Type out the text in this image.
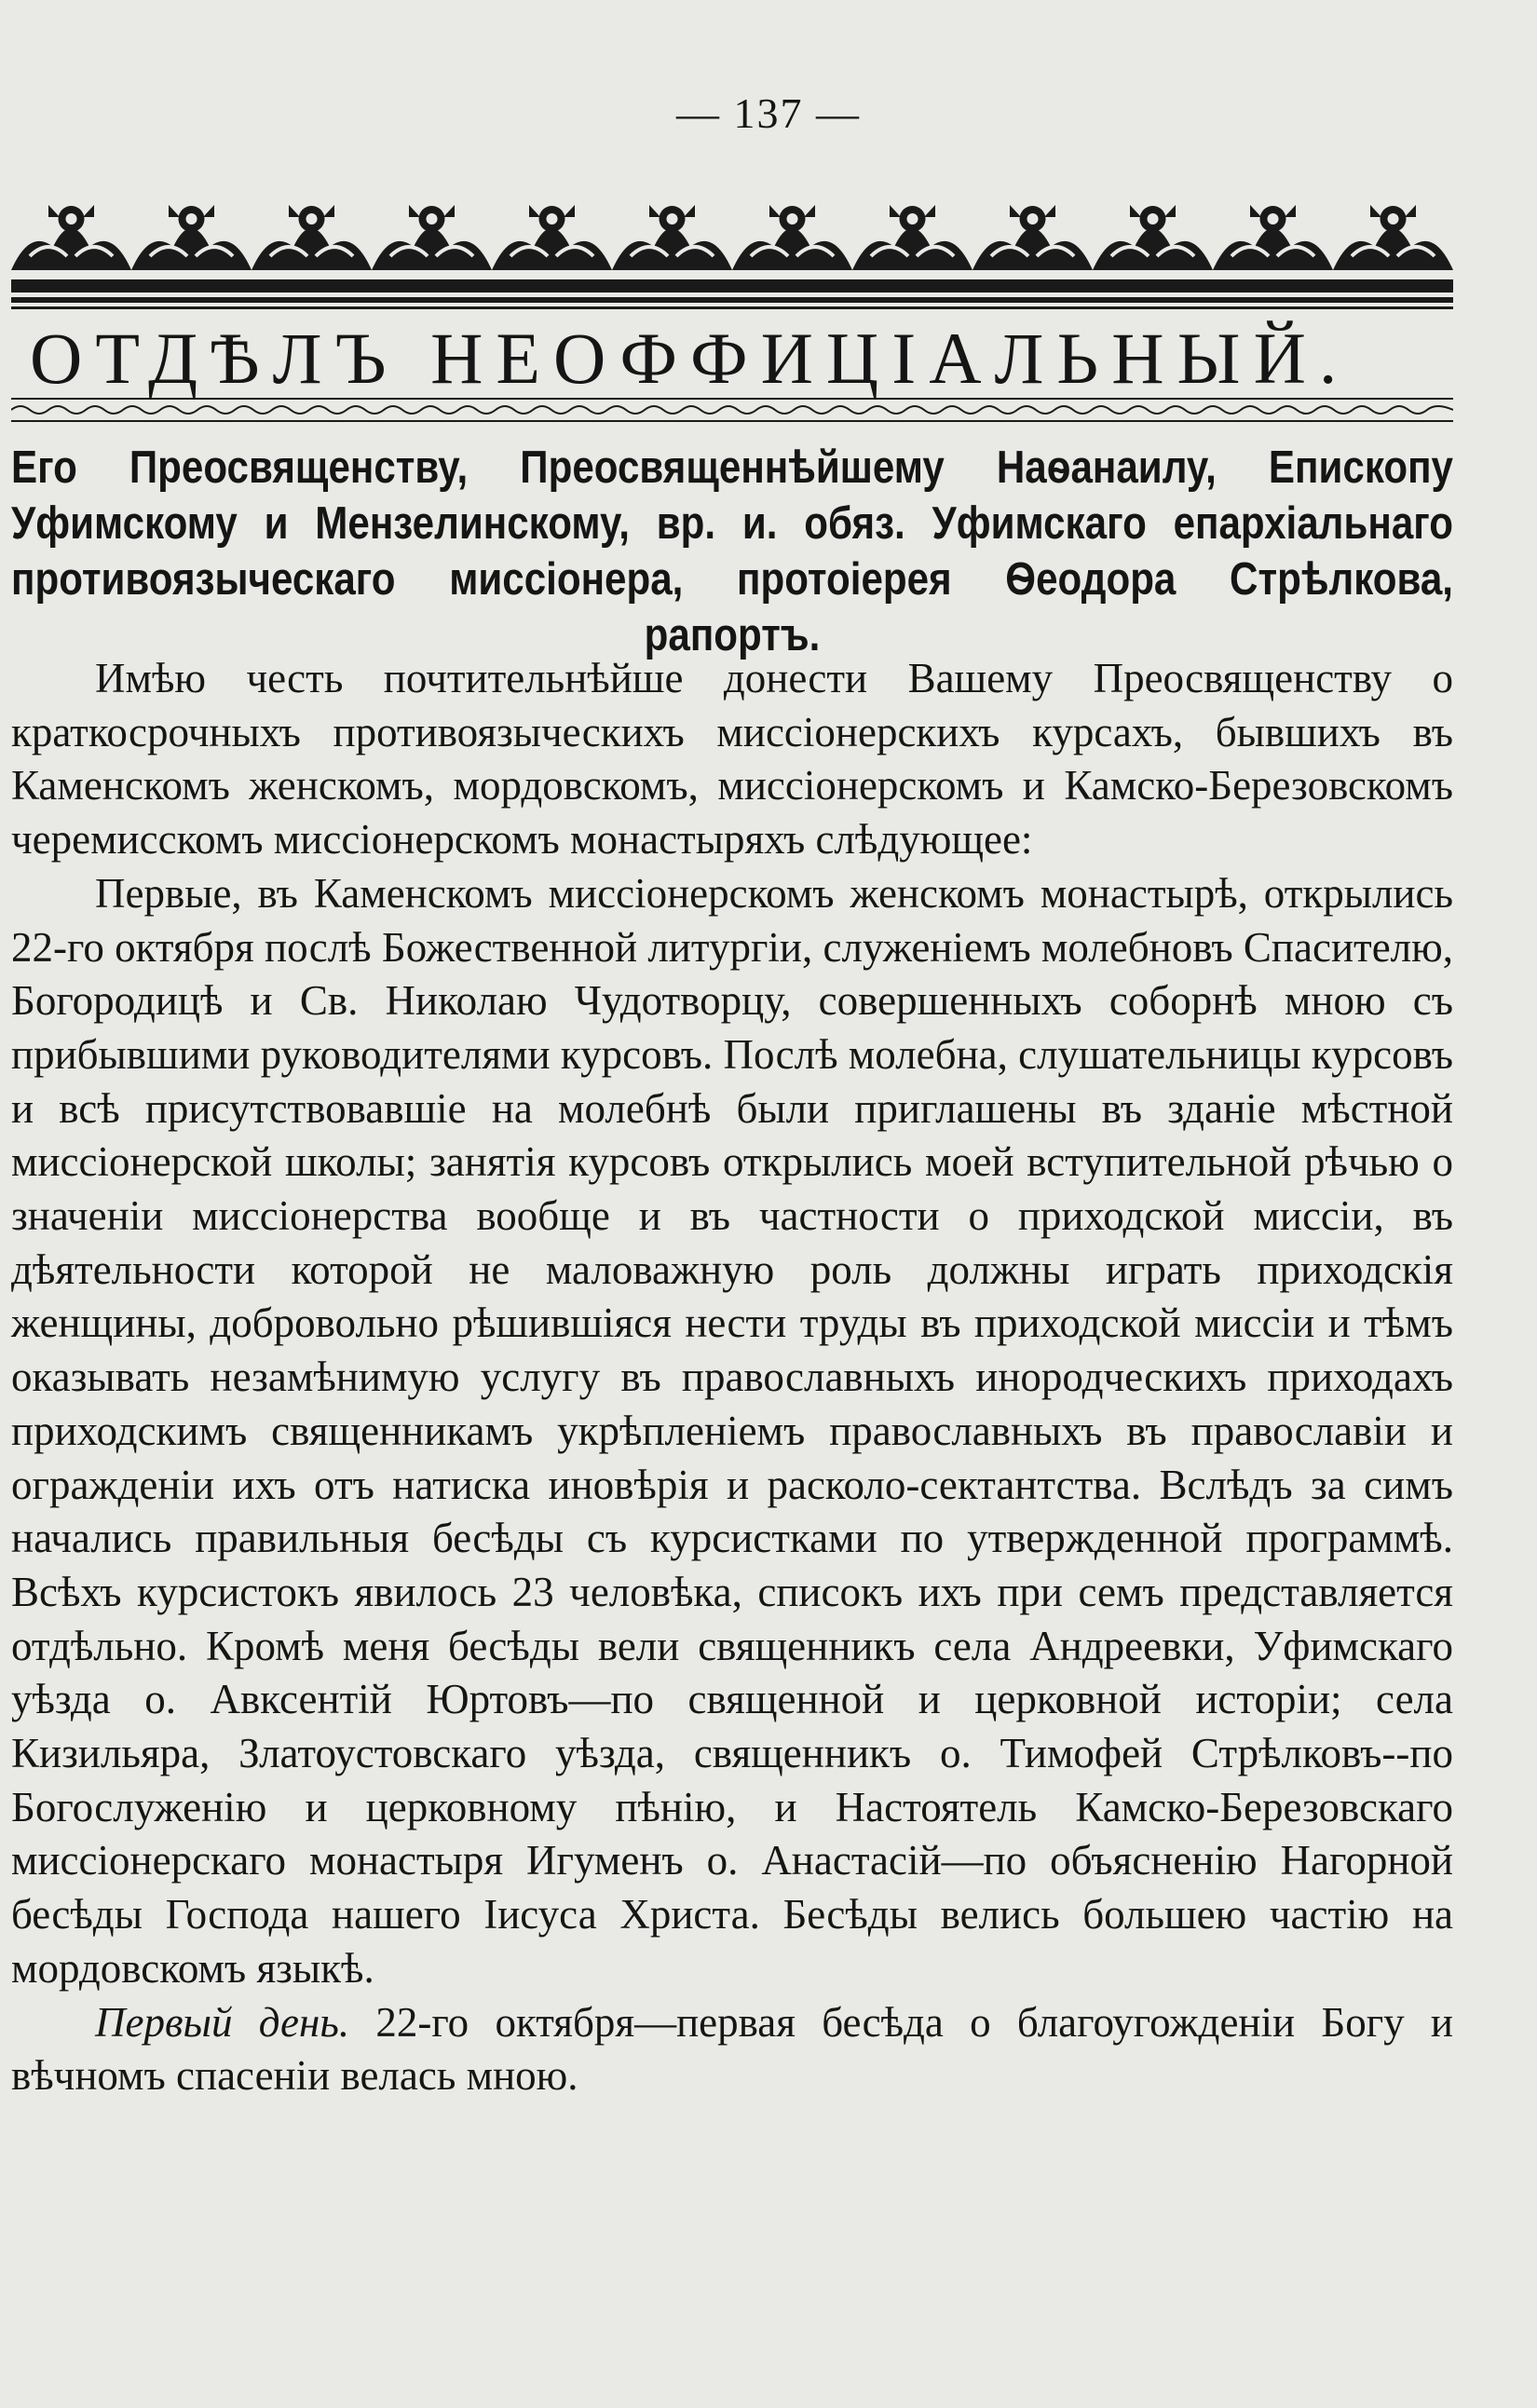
— 137 —
ОТДѢЛЪ НЕОФФИЦІАЛЬНЫЙ.
Его Преосвященству, Преосвященнѣйшему Наѳанаилу, Епископу Уфимскому и Мензелинскому, вр. и. обяз. Уфимскаго епархіальнаго противоязыческаго миссіонера, протоіерея Ѳеодора Стрѣлкова, рапортъ.

Имѣю честь почтительнѣйше донести Вашему Преосвященству о краткосрочныхъ противоязыческихъ миссіонерскихъ курсахъ, бывшихъ въ Каменскомъ женскомъ, мордовскомъ, миссіонерскомъ и Камско-Березовскомъ черемисскомъ миссіонерскомъ монастыряхъ слѣдующее:

Первые, въ Каменскомъ миссіонерскомъ женскомъ монастырѣ, открылись 22-го октября послѣ Божественной литургіи, служеніемъ молебновъ Спасителю, Богородицѣ и Св. Николаю Чудотворцу, совершенныхъ соборнѣ мною съ прибывшими руководителями курсовъ. Послѣ молебна, слушательницы курсовъ и всѣ присутствовавшіе на молебнѣ были приглашены въ зданіе мѣстной миссіонерской школы; занятія курсовъ открылись моей вступительной рѣчью о значеніи миссіонерства вообще и въ частности о приходской миссіи, въ дѣятельности которой не маловажную роль должны играть приходскія женщины, добровольно рѣшившіяся нести труды въ приходской миссіи и тѣмъ оказывать незамѣнимую услугу въ православныхъ инородческихъ приходахъ приходскимъ священникамъ укрѣпленіемъ православныхъ въ православіи и огражденіи ихъ отъ натиска иновѣрія и расколо-сектантства. Вслѣдъ за симъ начались правильныя бесѣды съ курсистками по утвержденной программѣ. Всѣхъ курсистокъ явилось 23 человѣка, списокъ ихъ при семъ представляется отдѣльно. Кромѣ меня бесѣды вели священникъ села Андреевки, Уфимскаго уѣзда о. Авксентій Юртовъ—по священной и церковной исторіи; села Кизильяра, Златоустовскаго уѣзда, священникъ о. Тимофей Стрѣлковъ--по Богослуженію и церковному пѣнію, и Настоятель Камско-Березовскаго миссіонерскаго монастыря Игуменъ о. Анастасій—по объясненію Нагорной бесѣды Господа нашего Іисуса Христа. Бесѣды велись большею частію на мордовскомъ языкѣ.

Первый день. 22-го октября—первая бесѣда о благоугожденіи Богу и вѣчномъ спасеніи велась мною.
